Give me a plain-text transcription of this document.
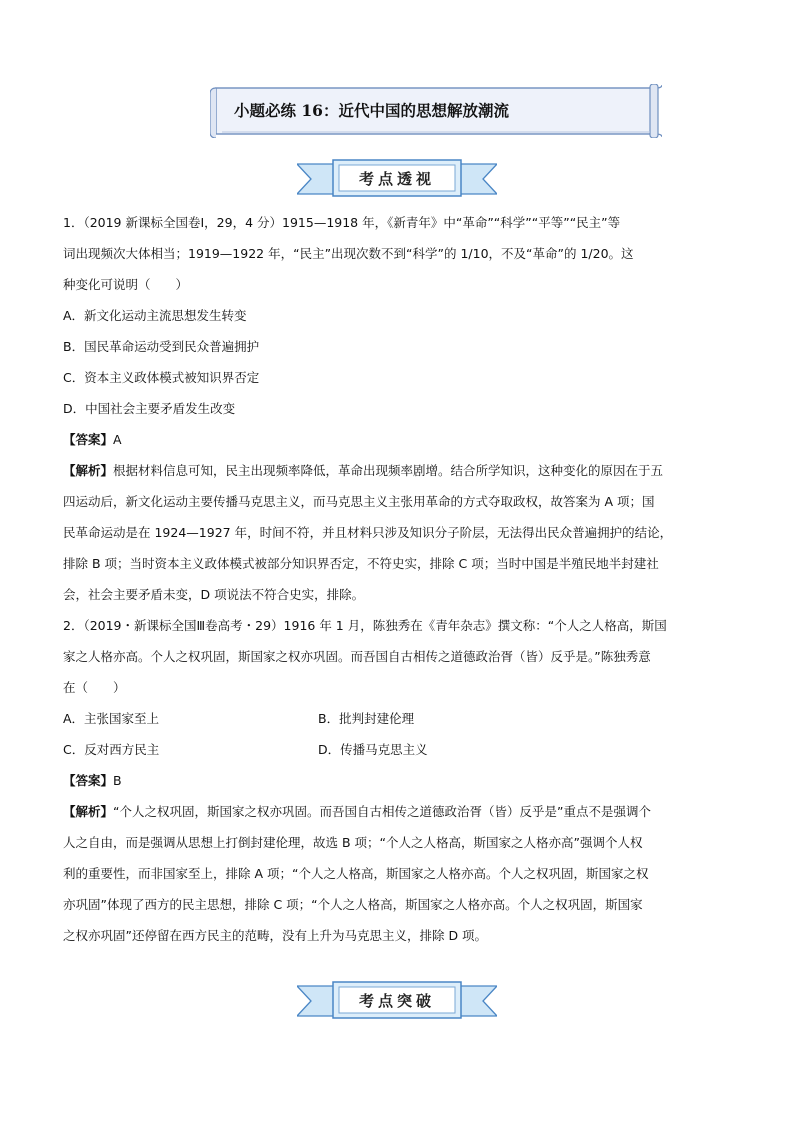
小题必练 16：近代中国的思想解放潮流
考点透视
考点突破

1．（2019 新课标全国卷Ⅰ，29，4 分）1915—1918 年，《新青年》中“革命”“科学”“平等”“民主”等

词出现频次大体相当；1919—1922 年，“民主”出现次数不到“科学”的 1/10，不及“革命”的 1/20。这

种变化可说明（　　）

A．新文化运动主流思想发生转变

B．国民革命运动受到民众普遍拥护

C．资本主义政体模式被知识界否定

D．中国社会主要矛盾发生改变

【答案】A

【解析】根据材料信息可知，民主出现频率降低，革命出现频率剧增。结合所学知识，这种变化的原因在于五

四运动后，新文化运动主要传播马克思主义，而马克思主义主张用革命的方式夺取政权，故答案为 A 项；国

民革命运动是在 1924—1927 年，时间不符，并且材料只涉及知识分子阶层，无法得出民众普遍拥护的结论，

排除 B 项；当时资本主义政体模式被部分知识界否定，不符史实，排除 C 项；当时中国是半殖民地半封建社

会，社会主要矛盾未变，D 项说法不符合史实，排除。

2．（2019・新课标全国Ⅲ卷高考・29）1916 年 1 月，陈独秀在《青年杂志》撰文称：“个人之人格高，斯国

家之人格亦高。个人之权巩固，斯国家之权亦巩固。而吾国自古相传之道德政治胥（皆）反乎是。”陈独秀意

在（　　）

A．主张国家至上	B．批判封建伦理
C．反对西方民主	D．传播马克思主义

【答案】B

【解析】“个人之权巩固，斯国家之权亦巩固。而吾国自古相传之道德政治胥（皆）反乎是”重点不是强调个

人之自由，而是强调从思想上打倒封建伦理，故选 B 项；“个人之人格高，斯国家之人格亦高”强调个人权

利的重要性，而非国家至上，排除 A 项；“个人之人格高，斯国家之人格亦高。个人之权巩固，斯国家之权

亦巩固”体现了西方的民主思想，排除 C 项；“个人之人格高，斯国家之人格亦高。个人之权巩固，斯国家

之权亦巩固”还停留在西方民主的范畴，没有上升为马克思主义，排除 D 项。
